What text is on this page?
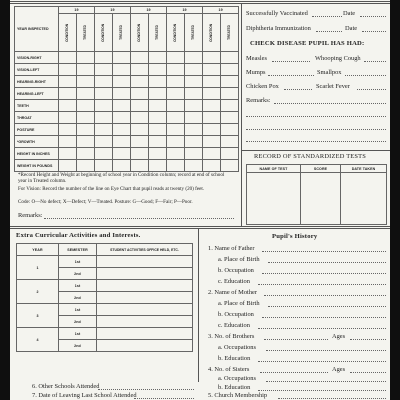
YEAR INSPECTED	19		19		19		19		19	

	CONDITION	TREATED	CONDITION	TREATED	CONDITION	TREATED	CONDITION	TREATED	CONDITION	TREATED

VISION-RIGHT										
VISION-LEFT										
HEARING-RIGHT										
HEARING-LEFT										
TEETH										
THROAT										
POSTURE										
*GROWTH										
HEIGHT IN INCHES										
WEIGHT IN POUNDS										
*Record Height and Weight at beginning of school year in Condition column; record at end of school year in Treated column.
For Vision: Record the number of the line on Eye Chart that pupil reads at twenty (20) feet.
Code: O—No defect; X—Defect; V—Treated. Posture: G—Good; F—Fair; P—Poor.
Remarks:
Successfully Vaccinated	Date
Diphtheria Immunization	Date
CHECK DISEASE PUPIL HAS HAD:
Measles	Whooping Cough
Mumps	Smallpox
Chicken Pox	Scarlet Fever
Remarks:
RECORD OF STANDARDIZED TESTS
NAME OF TEST	SCORE	DATE TAKEN

Extra Curricular Activities and Interests.
YEAR	SEMESTER	STUDENT ACTIVITIES OFFICE HELD, ETC.
1	1st	
	2nd	
2	1st	
	2nd	
3	1st	
	2nd	
4	1st	
	2nd	
Pupil's History
1. Name of Father
a. Place of Birth
b. Occupation
c. Education
2. Name of Mother
a. Place of Birth
b. Occupation
c. Education
3. No. of Brothers	Ages
a. Occupations
b. Education
4. No. of Sisters	Ages
a. Occupations
b. Education
5. Church Membership
6. Other Schools Attended
7. Date of Leaving Last School Attended
